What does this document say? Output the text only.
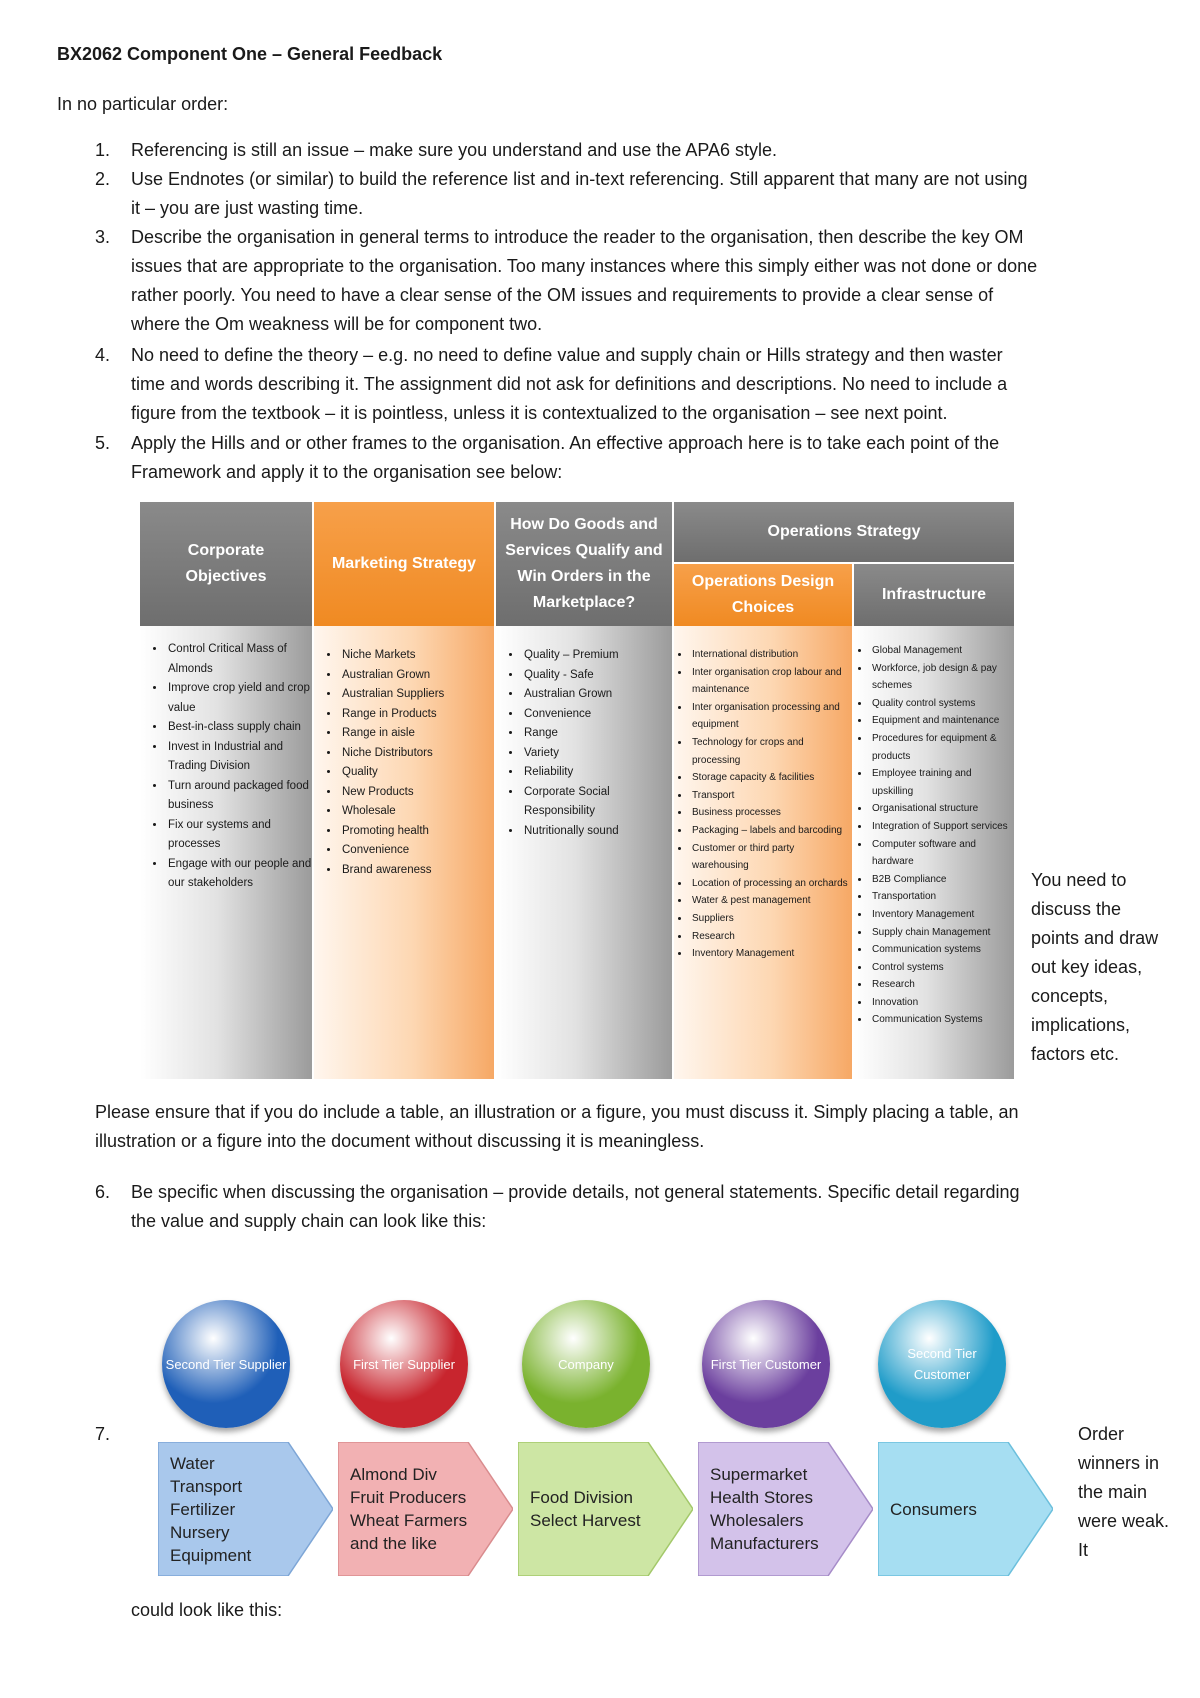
BX2062 Component One – General Feedback
In no particular order:
1. Referencing is still an issue – make sure you understand and use the APA6 style.
2. Use Endnotes (or similar) to build the reference list and in-text referencing. Still apparent that many are not using
it – you are just wasting time.
3. Describe the organisation in general terms to introduce the reader to the organisation, then describe the key OM
issues that are appropriate to the organisation. Too many instances where this simply either was not done or done
rather poorly. You need to have a clear sense of the OM issues and requirements to provide a clear sense of
where the Om weakness will be for component two.
4. No need to define the theory – e.g. no need to define value and supply chain or Hills strategy and then waster
time and words describing it. The assignment did not ask for definitions and descriptions. No need to include a
figure from the textbook – it is pointless, unless it is contextualized to the organisation – see next point.
5. Apply the Hills and or other frames to the organisation. An effective approach here is to take each point of the
Framework and apply it to the organisation see below:
Corporate Objectives
• Control Critical Mass of Almonds
• Improve crop yield and crop value
• Best-in-class supply chain
• Invest in Industrial and Trading Division
• Turn around packaged food business
• Fix our systems and processes
• Engage with our people and our stakeholders
Marketing Strategy
• Niche Markets
• Australian Grown
• Australian Suppliers
• Range in Products
• Range in aisle
• Niche Distributors
• Quality
• New Products
• Wholesale
• Promoting health
• Convenience
• Brand awareness
How Do Goods and Services Qualify and Win Orders in the Marketplace?
• Quality – Premium
• Quality - Safe
• Australian Grown
• Convenience
• Range
• Variety
• Reliability
• Corporate Social Responsibility
• Nutritionally sound
Operations Strategy
Operations Design Choices
• International distribution
• Inter organisation crop labour and maintenance
• Inter organisation processing and equipment
• Technology for crops and processing
• Storage capacity & facilities
• Transport
• Business processes
• Packaging – labels and barcoding
• Customer or third party warehousing
• Location of processing an orchards
• Water & pest management
• Suppliers
• Research
• Inventory Management
Infrastructure
• Global Management
• Workforce, job design & pay schemes
• Quality control systems
• Equipment and maintenance
• Procedures for equipment & products
• Employee training and upskilling
• Organisational structure
• Integration of Support services
• Computer software and hardware
• B2B Compliance
• Transportation
• Inventory Management
• Supply chain Management
• Communication systems
• Control systems
• Research
• Innovation
• Communication Systems
You need to discuss the points and draw out key ideas, concepts, implications, factors etc.
Please ensure that if you do include a table, an illustration or a figure, you must discuss it. Simply placing a table, an
illustration or a figure into the document without discussing it is meaningless.
6. Be specific when discussing the organisation – provide details, not general statements. Specific detail regarding
the value and supply chain can look like this:
7.
Second Tier Supplier
Water
Transport
Fertilizer
Nursery
Equipment
First Tier Supplier
Almond Div
Fruit Producers
Wheat Farmers
and the like
Company
Food Division
Select Harvest
First Tier Customer
Supermarket
Health Stores
Wholesalers
Manufacturers
Second Tier Customer
Consumers
Order winners in the main were weak. It
could look like this:
